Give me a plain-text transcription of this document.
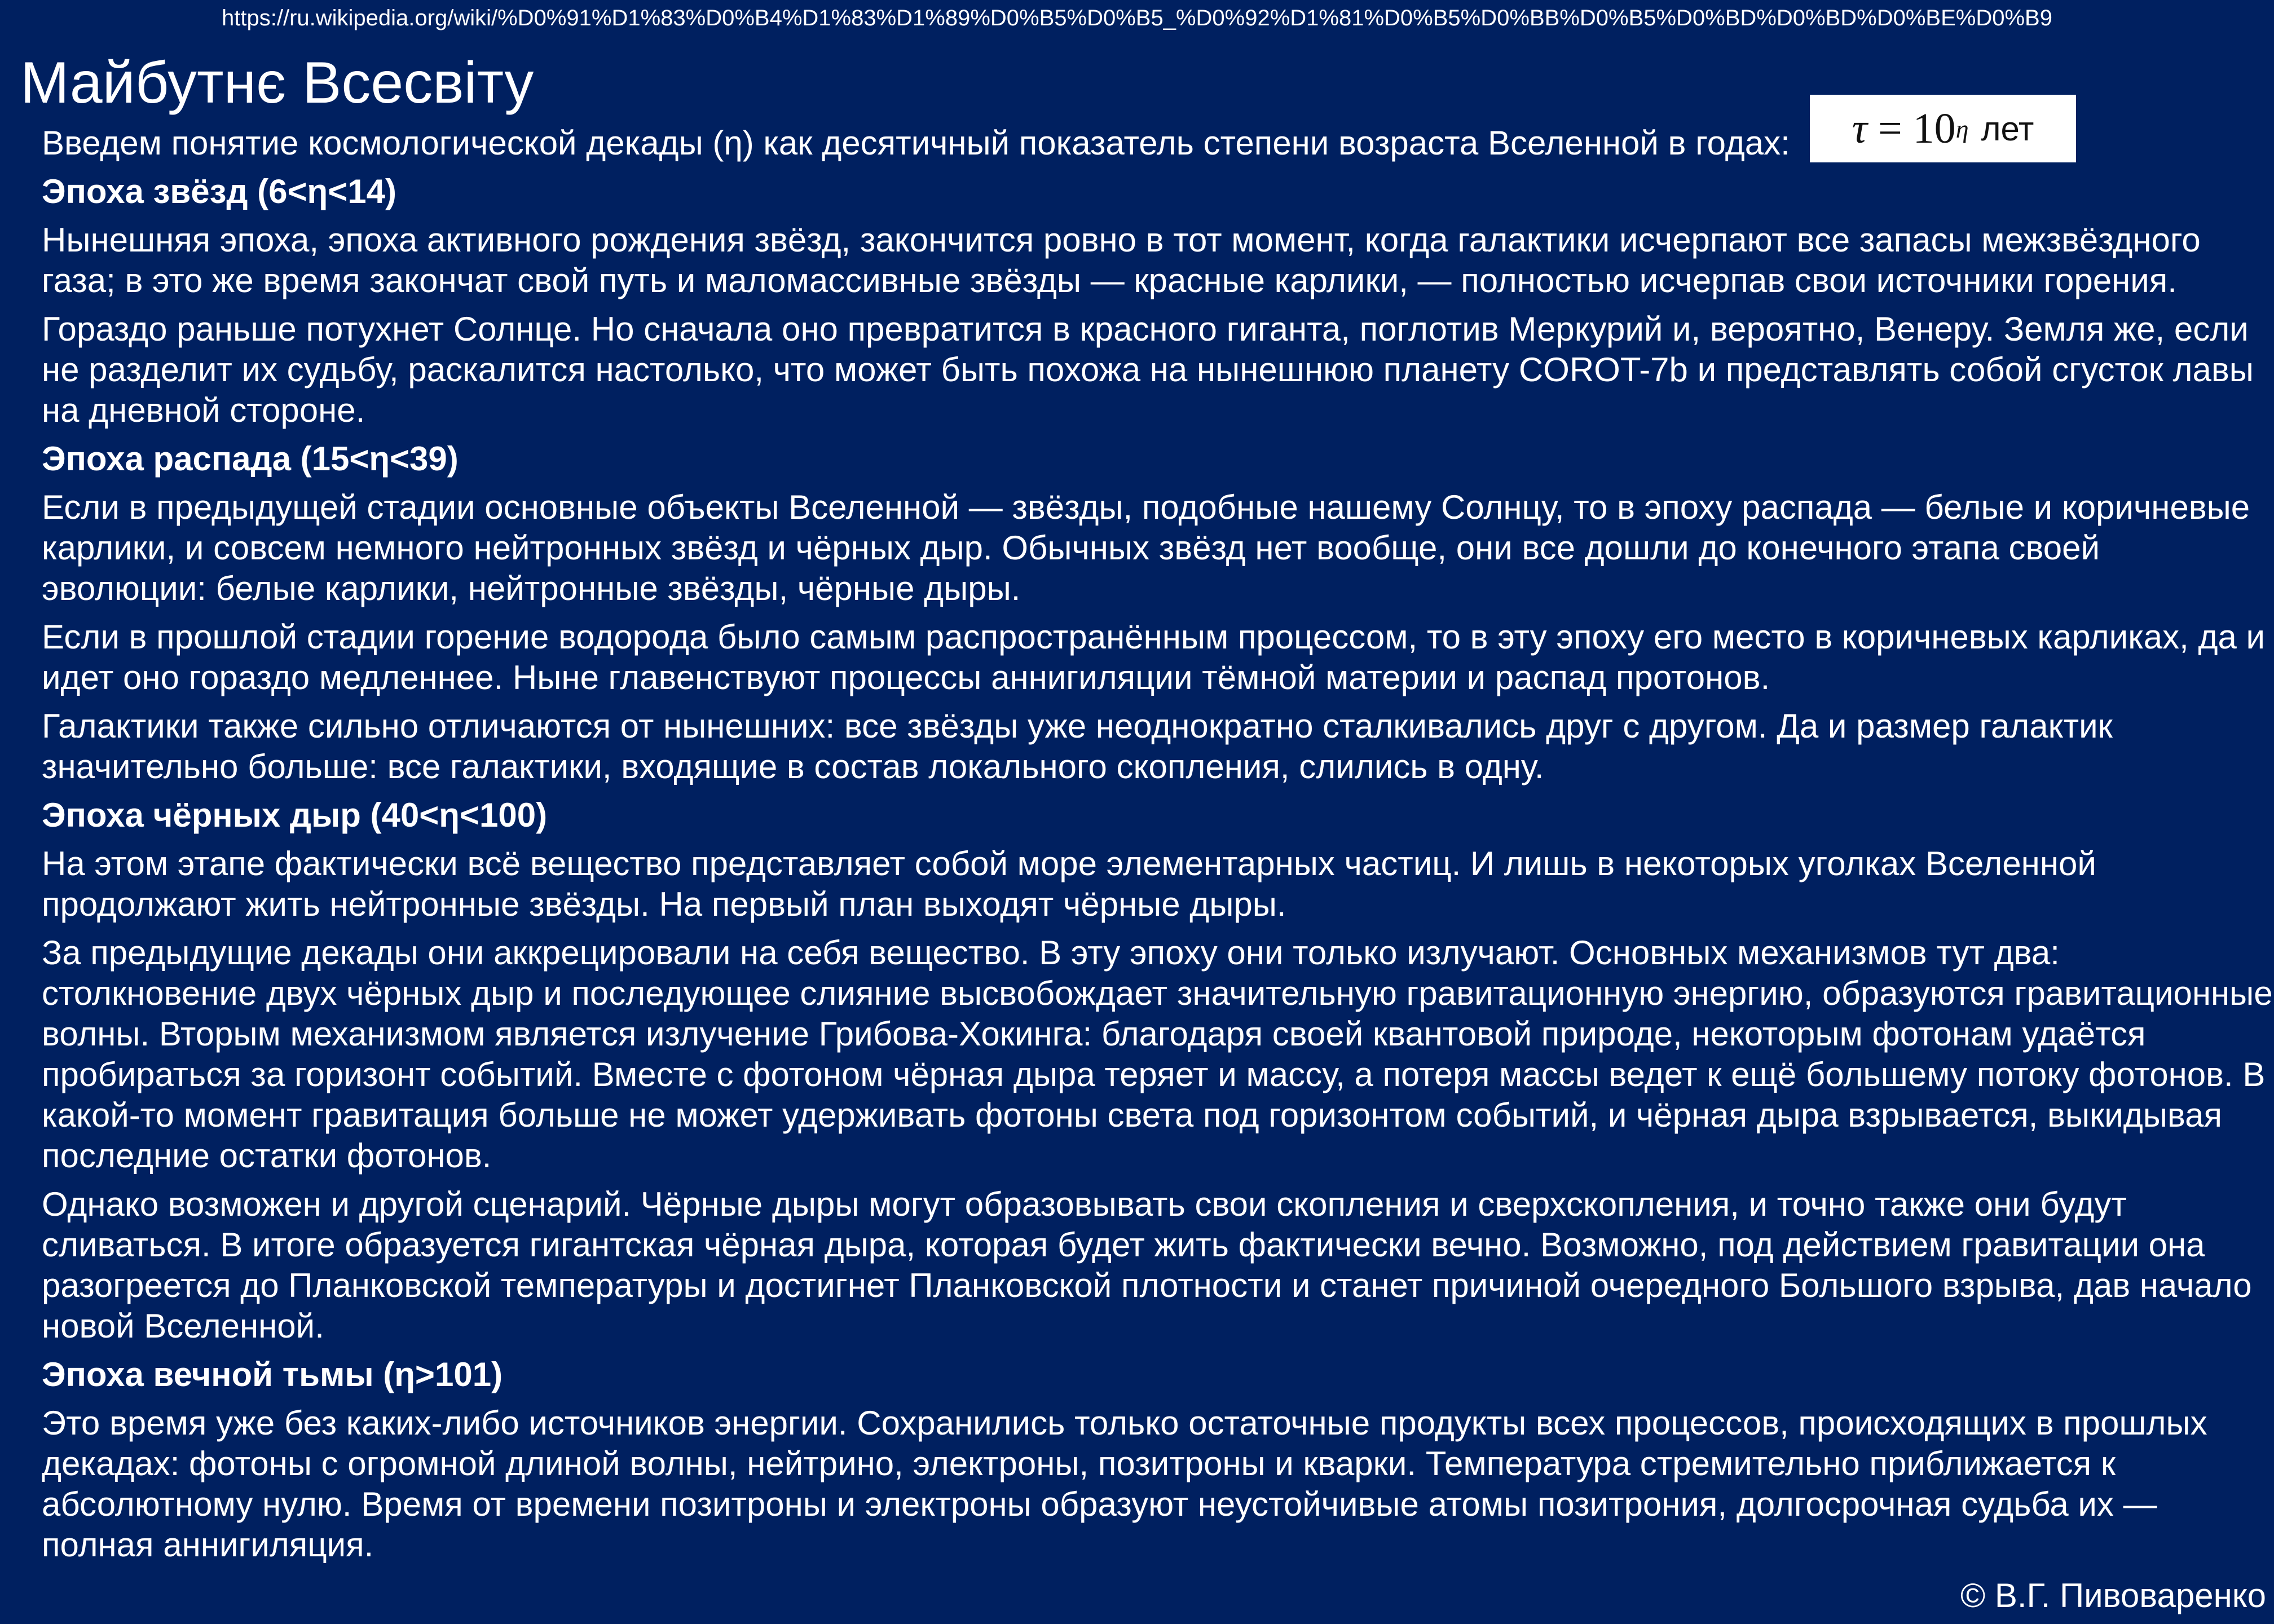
https://ru.wikipedia.org/wiki/%D0%91%D1%83%D0%B4%D1%83%D1%89%D0%B5%D0%B5_%D0%92%D1%81%D0%B5%D0%BB%D0%B5%D0%BD%D0%BD%D0%BE%D0%B9
Майбутнє Всесвіту
τ = 10 η лет
Введем понятие космологической декады (η) как десятичный показатель степени возраста Вселенной в годах:
Эпоха звёзд (6<η<14)
Нынешняя эпоха, эпоха активного рождения звёзд, закончится ровно в тот момент, когда галактики исчерпают все запасы межзвёздного
газа; в это же время закончат свой путь и маломассивные звёзды — красные карлики, — полностью исчерпав свои источники горения.
Гораздо раньше потухнет Солнце. Но сначала оно превратится в красного гиганта, поглотив Меркурий и, вероятно, Венеру. Земля же, если
не разделит их судьбу, раскалится настолько, что может быть похожа на нынешнюю планету COROT-7b и представлять собой сгусток лавы
на дневной стороне.
Эпоха распада (15<η<39)
Если в предыдущей стадии основные объекты Вселенной — звёзды, подобные нашему Солнцу, то в эпоху распада — белые и коричневые
карлики, и совсем немного нейтронных звёзд и чёрных дыр. Обычных звёзд нет вообще, они все дошли до конечного этапа своей
эволюции: белые карлики, нейтронные звёзды, чёрные дыры.
Если в прошлой стадии горение водорода было самым распространённым процессом, то в эту эпоху его место в коричневых карликах, да и
идет оно гораздо медленнее. Ныне главенствуют процессы аннигиляции тёмной материи и распад протонов.
Галактики также сильно отличаются от нынешних: все звёзды уже неоднократно сталкивались друг с другом. Да и размер галактик
значительно больше: все галактики, входящие в состав локального скопления, слились в одну.
Эпоха чёрных дыр (40<η<100)
На этом этапе фактически всё вещество представляет собой море элементарных частиц. И лишь в некоторых уголках Вселенной
продолжают жить нейтронные звёзды. На первый план выходят чёрные дыры.
За предыдущие декады они аккрецировали на себя вещество. В эту эпоху они только излучают. Основных механизмов тут два:
столкновение двух чёрных дыр и последующее слияние высвобождает значительную гравитационную энергию, образуются гравитационные
волны. Вторым механизмом является излучение Грибова-Хокинга: благодаря своей квантовой природе, некоторым фотонам удаётся
пробираться за горизонт событий. Вместе с фотоном чёрная дыра теряет и массу, а потеря массы ведет к ещё большему потоку фотонов. В
какой-то момент гравитация больше не может удерживать фотоны света под горизонтом событий, и чёрная дыра взрывается, выкидывая
последние остатки фотонов.
Однако возможен и другой сценарий. Чёрные дыры могут образовывать свои скопления и сверхскопления, и точно также они будут
сливаться. В итоге образуется гигантская чёрная дыра, которая будет жить фактически вечно. Возможно, под действием гравитации она
разогреется до Планковской температуры и достигнет Планковской плотности и станет причиной очередного Большого взрыва, дав начало
новой Вселенной.
Эпоха вечной тьмы (η>101)
Это время уже без каких-либо источников энергии. Сохранились только остаточные продукты всех процессов, происходящих в прошлых
декадах: фотоны с огромной длиной волны, нейтрино, электроны, позитроны и кварки. Температура стремительно приближается к
абсолютному нулю. Время от времени позитроны и электроны образуют неустойчивые атомы позитрония, долгосрочная судьба их —
полная аннигиляция.
© В.Г. Пивоваренко
